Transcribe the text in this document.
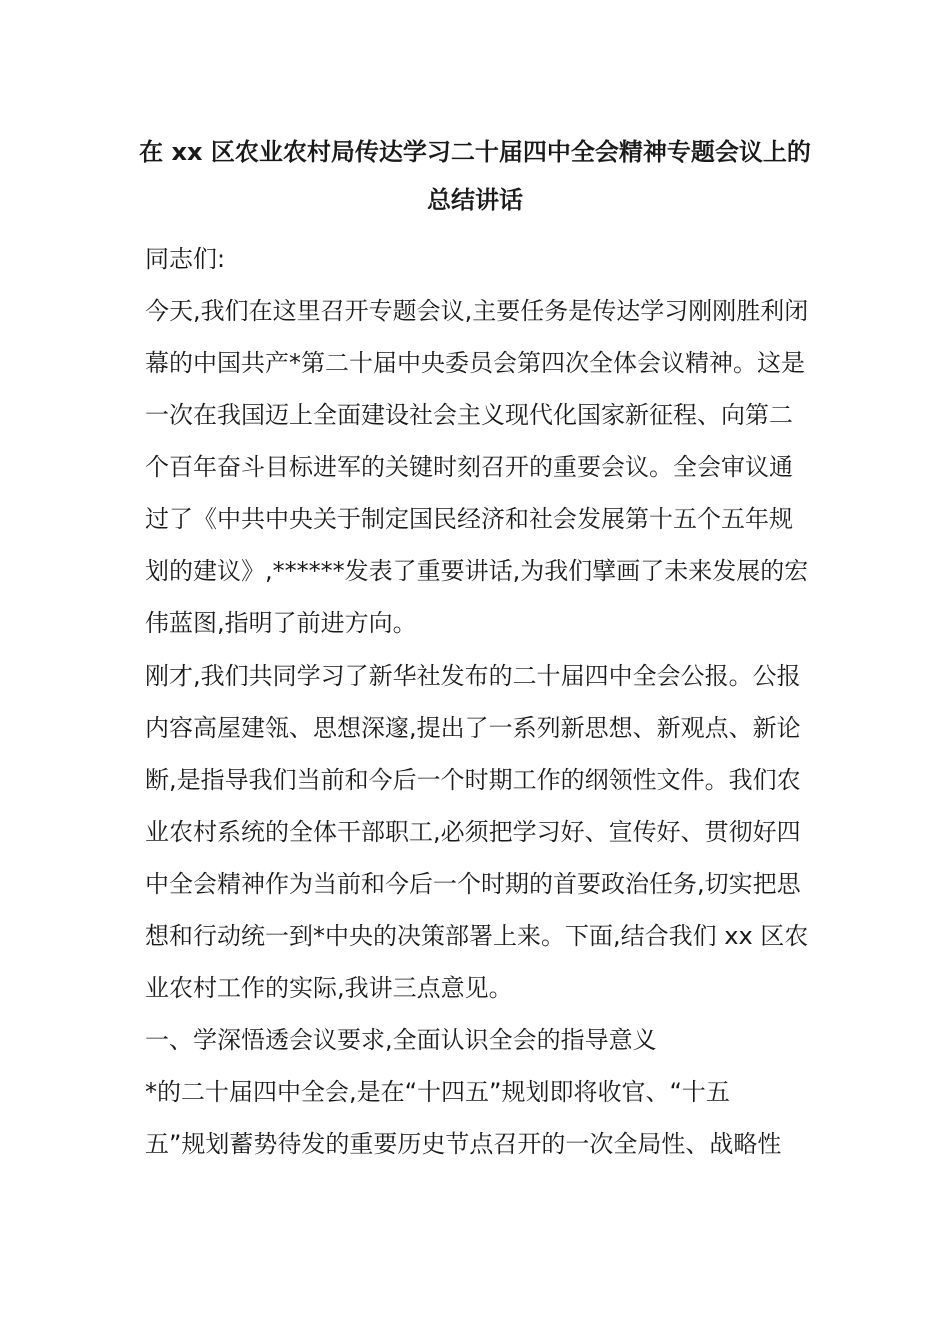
在 xx 区农业农村局传达学习二十届四中全会精神专题会议上的
总结讲话

同志们:

今天,我们在这里召开专题会议,主要任务是传达学习刚刚胜利闭

幕的中国共产*第二十届中央委员会第四次全体会议精神。这是

一次在我国迈上全面建设社会主义现代化国家新征程、向第二

个百年奋斗目标进军的关键时刻召开的重要会议。全会审议通

过了《中共中央关于制定国民经济和社会发展第十五个五年规

划的建议》,******发表了重要讲话,为我们擘画了未来发展的宏

伟蓝图,指明了前进方向。

刚才,我们共同学习了新华社发布的二十届四中全会公报。公报

内容高屋建瓴、思想深邃,提出了一系列新思想、新观点、新论

断,是指导我们当前和今后一个时期工作的纲领性文件。我们农

业农村系统的全体干部职工,必须把学习好、宣传好、贯彻好四

中全会精神作为当前和今后一个时期的首要政治任务,切实把思

想和行动统一到*中央的决策部署上来。下面,结合我们 xx 区农

业农村工作的实际,我讲三点意见。

一、学深悟透会议要求,全面认识全会的指导意义

*的二十届四中全会,是在“十四五”规划即将收官、“十五

五”规划蓄势待发的重要历史节点召开的一次全局性、战略性
